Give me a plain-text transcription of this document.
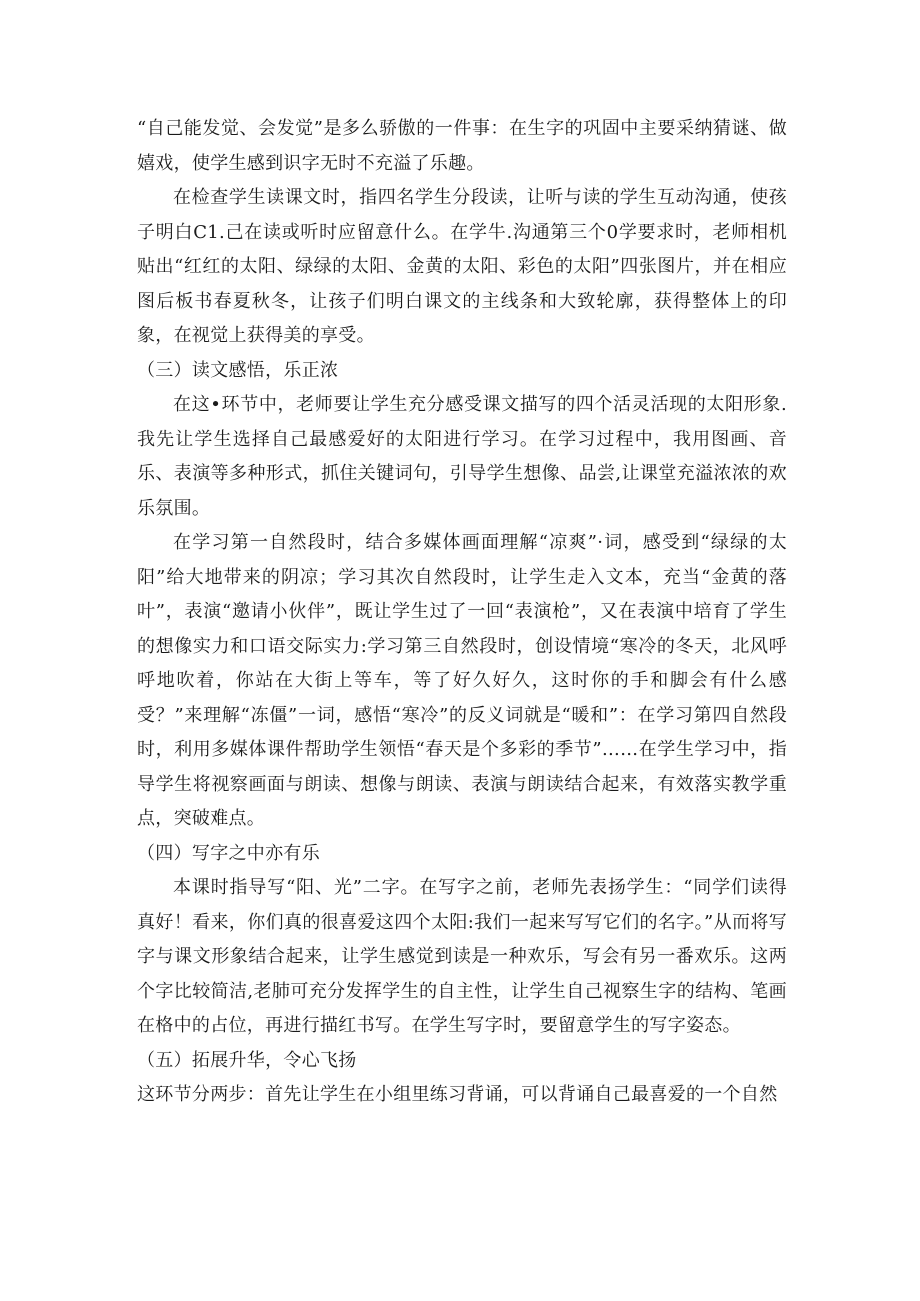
“自己能发觉、会发觉”是多么骄傲的一件事：在生字的巩固中主要采纳猜谜、做嬉戏，使学生感到识字无时不充溢了乐趣。

在检查学生读课文时，指四名学生分段读，让听与读的学生互动沟通，使孩子明白C1.己在读或听时应留意什么。在学牛.沟通第三个0学要求时，老师相机贴出“红红的太阳、绿绿的太阳、金黄的太阳、彩色的太阳”四张图片，并在相应图后板书春夏秋冬，让孩子们明白课文的主线条和大致轮廓，获得整体上的印象，在视觉上获得美的享受。

（三）读文感悟，乐正浓

在这•环节中，老师要让学生充分感受课文描写的四个活灵活现的太阳形象.我先让学生选择自己最感爱好的太阳进行学习。在学习过程中，我用图画、音乐、表演等多种形式，抓住关键词句，引导学生想像、品尝,让课堂充溢浓浓的欢乐氛围。

在学习第一自然段时，结合多媒体画面理解“凉爽”·词，感受到“绿绿的太阳”给大地带来的阴凉；学习其次自然段时，让学生走入文本，充当“金黄的落叶”，表演“邀请小伙伴”，既让学生过了一回“表演枪”，又在表演中培育了学生的想像实力和口语交际实力:学习第三自然段时，创设情境“寒冷的冬天，北风呼呼地吹着，你站在大街上等车，等了好久好久，这时你的手和脚会有什么感受？”来理解“冻僵”一词，感悟“寒冷”的反义词就是“暖和”：在学习第四自然段时，利用多媒体课件帮助学生领悟“春天是个多彩的季节”……在学生学习中，指导学生将视察画面与朗读、想像与朗读、表演与朗读结合起来，有效落实教学重点，突破难点。

（四）写字之中亦有乐

本课时指导写“阳、光”二字。在写字之前，老师先表扬学生：“同学们读得真好！看来，你们真的很喜爱这四个太阳:我们一起来写写它们的名字。”从而将写字与课文形象结合起来，让学生感觉到读是一种欢乐，写会有另一番欢乐。这两个字比较简洁,老肺可充分发挥学生的自主性，让学生自己视察生字的结构、笔画在格中的占位，再进行描红书写。在学生写字时，要留意学生的写字姿态。

（五）拓展升华，令心飞扬

这环节分两步：首先让学生在小组里练习背诵，可以背诵自己最喜爱的一个自然
